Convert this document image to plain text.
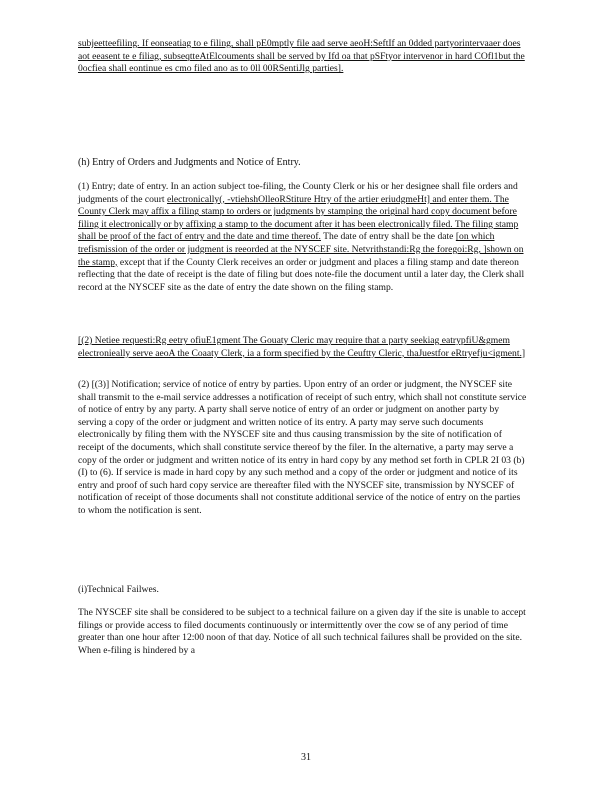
subjeetteefiling. If eonseatiag to e filing, shall pE0mptly file aad serve aeoH:SeftIf an 0dded partyorintervaaer does aot eeasent te e filiag, subseqtteAtElcouments shall be served by Ifd oa that pSFtyor intervenor in hard COfl1but the 0ocfiea shall eontinue es cmo filed ano as to 0ll 00RSentiJlg parties].

(h) Entry of Orders and Judgments and Notice of Entry.

(1) Entry; date of entry. In an action subject toe-filing, the County Clerk or his or her designee shall file orders and judgments of the court electronically(, -vtiehshOlleoRStiture Htry of the artier eriudgmeHt] and enter them. The County Clerk may affix a filing stamp to orders or judgments by stamping the original hard copy document before filing it electronically or by affixing a stamp to the document after it has been electronically filed. The filing stamp shall be proof of the fact of entry and the date and time thereof. The date of entry shall be the date [on which trefismission of the order or judgment is reeorded at the NYSCEF site. Netvrithstandi:Rg the foregoi:Rg, ]shown on the stamp, except that if the County Clerk receives an order or judgment and places a filing stamp and date thereon reflecting that the date of receipt is the date of filing but does note-file the document until a later day, the Clerk shall record at the NYSCEF site as the date of entry the date shown on the filing stamp.

[(2) Netiee requesti:Rg eetry ofiuE1gment The Gouaty Cleric may require that a party seekiag eatrypfiU&gmem electronieally serve aeoA the Coaaty Clerk, ia a form specified by the Ceuftty Cleric, thaJuestfor eRtryefju<igment.]

(2) [(3)] Notification; service of notice of entry by parties. Upon entry of an order or judgment, the NYSCEF site shall transmit to the e-mail service addresses a notification of receipt of such entry, which shall not constitute service of notice of entry by any party. A party shall serve notice of entry of an order or judgment on another party by serving a copy of the order or judgment and written notice of its entry. A party may serve such documents electronically by filing them with the NYSCEF site and thus causing transmission by the site of notification of receipt of the documents, which shall constitute service thereof by the filer. In the alternative, a party may serve a copy of the order or judgment and written notice of its entry in hard copy by any method set forth in CPLR 2I 03 (b) (I) to (6). If service is made in hard copy by any such method and a copy of the order or judgment and notice of its entry and proof of such hard copy service are thereafter filed with the NYSCEF site, transmission by NYSCEF of notification of receipt of those documents shall not constitute additional service of the notice of entry on the parties to whom the notification is sent.

(i)Technical Failwes.

The NYSCEF site shall be considered to be subject to a technical failure on a given day if the site is unable to accept filings or provide access to filed documents continuously or intermittently over the cow se of any period of time greater than one hour after 12:00 noon of that day. Notice of all such technical failures shall be provided on the site. When e-filing is hindered by a

31
